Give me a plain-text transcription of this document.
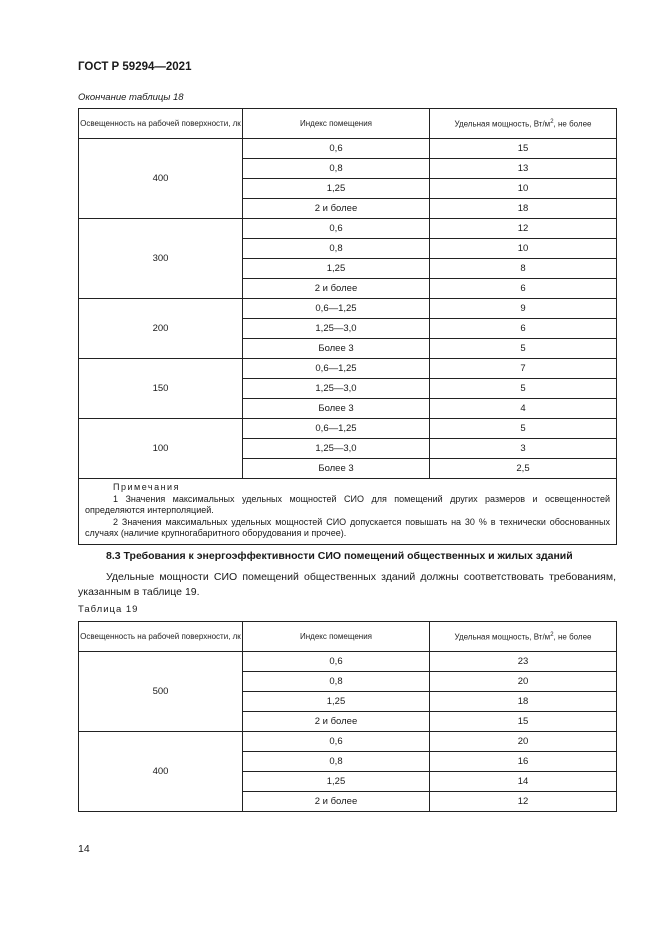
ГОСТ Р 59294—2021
Окончание таблицы 18
Освещенность на рабочей поверхности, лк	Индекс помещения	Удельная мощность, $Вт/м^2$, не более
400	0,6	15
	0,8	13
	1,25	10
	2 и более	18
300	0,6	12
	0,8	10
	1,25	8
	2 и более	6
200	0,6—1,25	9
	1,25—3,0	6
	Более 3	5
150	0,6—1,25	7
	1,25—3,0	5
	Более 3	4
100	0,6—1,25	5
	1,25—3,0	3
	Более 3	2,5

Примечания
1 Значения максимальных удельных мощностей СИО для помещений других размеров и освещенностей определяются интерполяцией.
2 Значения максимальных удельных мощностей СИО допускается повышать на 30 % в технически обоснованных случаях (наличие крупногабаритного оборудования и прочее).		
8.3 Требования к энергоэффективности СИО помещений общественных и жилых зданий
Удельные мощности СИО помещений общественных зданий должны соответствовать требованиям, указанным в таблице 19.
Таблица 19
Освещенность на рабочей поверхности, лк	Индекс помещения	Удельная мощность, $Вт/м^2$, не более
500	0,6	23
	0,8	20
	1,25	18
	2 и более	15
400	0,6	20
	0,8	16
	1,25	14
	2 и более	12
14
